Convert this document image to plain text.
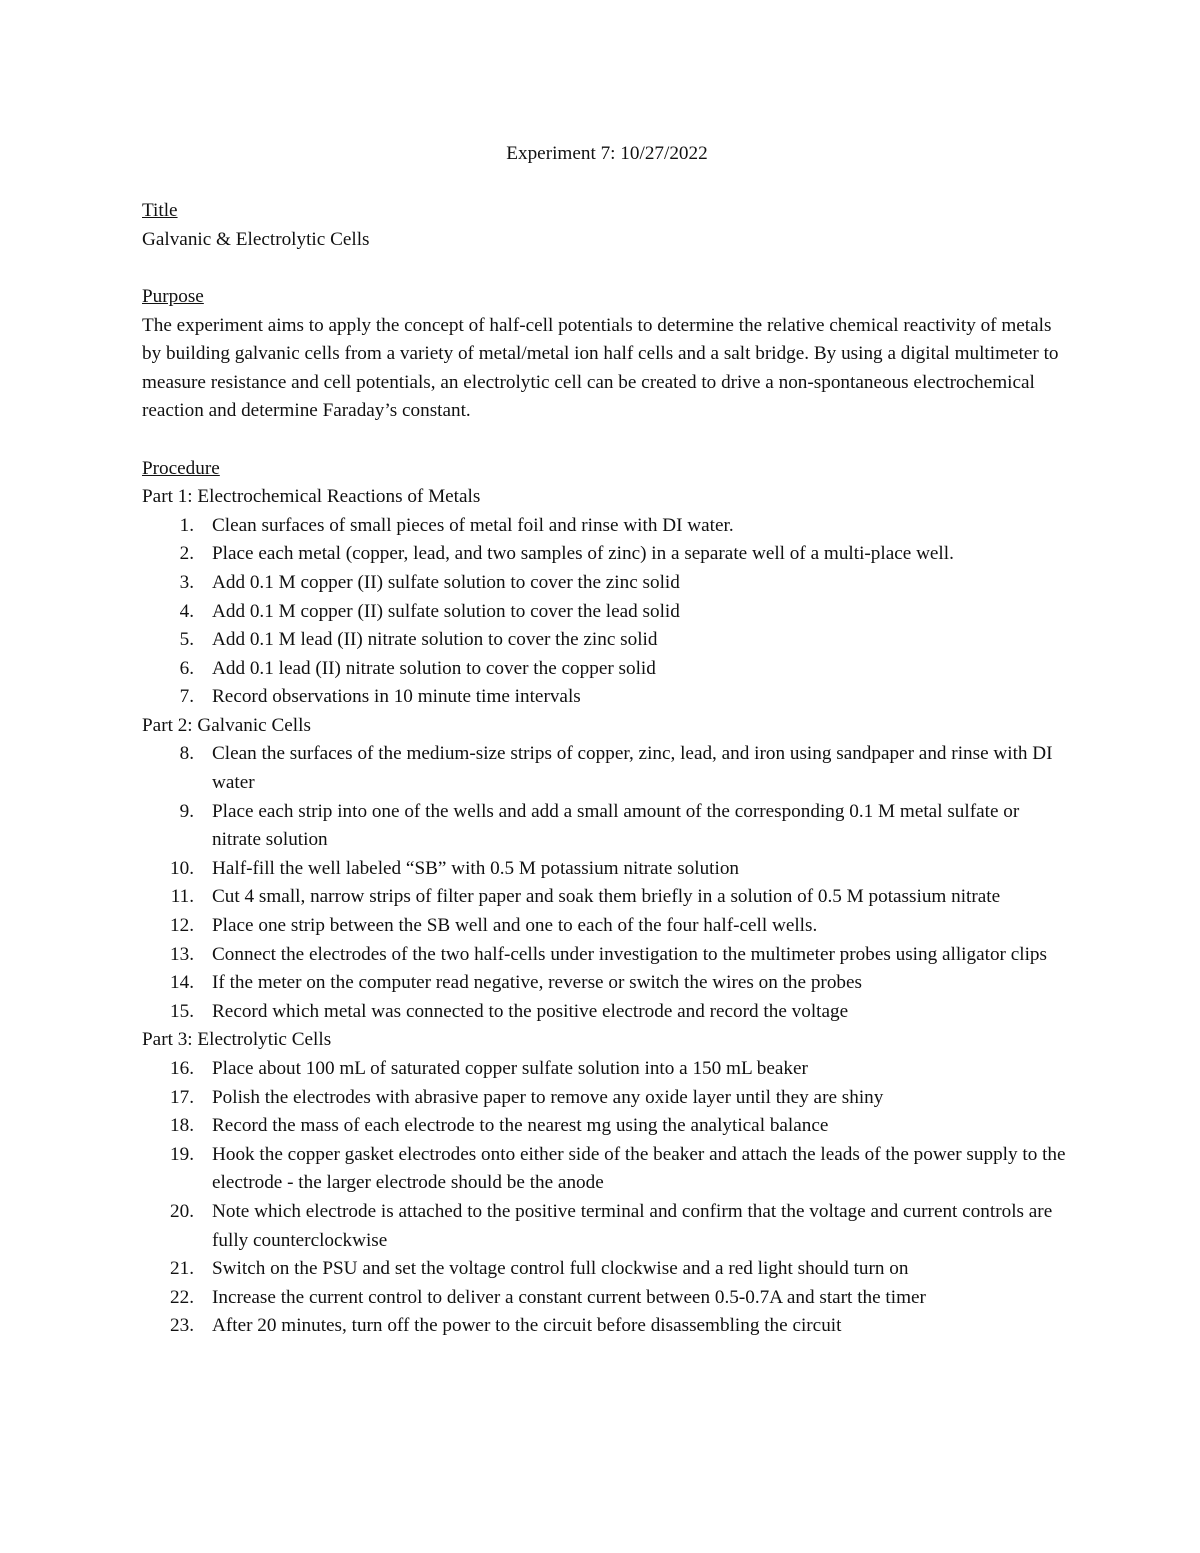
Experiment 7: 10/27/2022
Title
Galvanic & Electrolytic Cells
Purpose
The experiment aims to apply the concept of half-cell potentials to determine the relative chemical reactivity of metals by building galvanic cells from a variety of metal/metal ion half cells and a salt bridge. By using a digital multimeter to measure resistance and cell potentials, an electrolytic cell can be created to drive a non-spontaneous electrochemical reaction and determine Faraday’s constant.
Procedure
Part 1: Electrochemical Reactions of Metals
1. Clean surfaces of small pieces of metal foil and rinse with DI water.
2. Place each metal (copper, lead, and two samples of zinc) in a separate well of a multi-place well.
3. Add 0.1 M copper (II) sulfate solution to cover the zinc solid
4. Add 0.1 M copper (II) sulfate solution to cover the lead solid
5. Add 0.1 M lead (II) nitrate solution to cover the zinc solid
6. Add 0.1 lead (II) nitrate solution to cover the copper solid
7. Record observations in 10 minute time intervals
Part 2: Galvanic Cells
8. Clean the surfaces of the medium-size strips of copper, zinc, lead, and iron using sandpaper and rinse with DI water
9. Place each strip into one of the wells and add a small amount of the corresponding 0.1 M metal sulfate or nitrate solution
10. Half-fill the well labeled “SB” with 0.5 M potassium nitrate solution
11. Cut 4 small, narrow strips of filter paper and soak them briefly in a solution of 0.5 M potassium nitrate
12. Place one strip between the SB well and one to each of the four half-cell wells.
13. Connect the electrodes of the two half-cells under investigation to the multimeter probes using alligator clips
14. If the meter on the computer read negative, reverse or switch the wires on the probes
15. Record which metal was connected to the positive electrode and record the voltage
Part 3: Electrolytic Cells
16. Place about 100 mL of saturated copper sulfate solution into a 150 mL beaker
17. Polish the electrodes with abrasive paper to remove any oxide layer until they are shiny
18. Record the mass of each electrode to the nearest mg using the analytical balance
19. Hook the copper gasket electrodes onto either side of the beaker and attach the leads of the power supply to the electrode - the larger electrode should be the anode
20. Note which electrode is attached to the positive terminal and confirm that the voltage and current controls are fully counterclockwise
21. Switch on the PSU and set the voltage control full clockwise and a red light should turn on
22. Increase the current control to deliver a constant current between 0.5-0.7A and start the timer
23. After 20 minutes, turn off the power to the circuit before disassembling the circuit
